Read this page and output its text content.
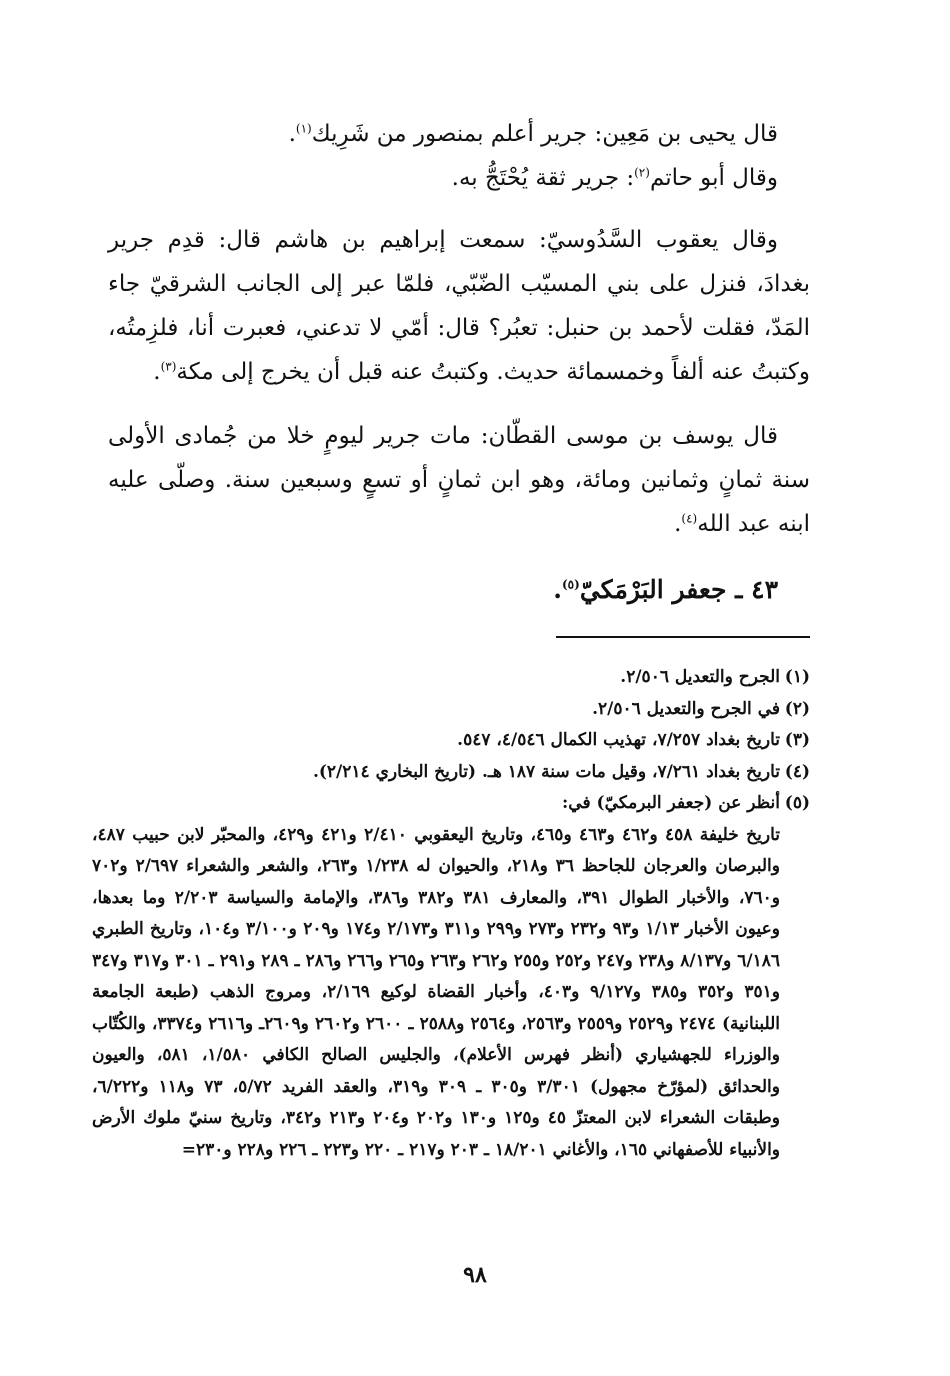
قال يحيى بن مَعِين: جرير أعلم بمنصور من شَرِيك$^{(١)}$.

وقال أبو حاتم$^{(٢)}$: جرير ثقة يُحْتَجُّ به.

وقال يعقوب السَّدُوسيّ: سمعت إبراهيم بن هاشم قال: قدِم جرير بغدادَ، فنزل على بني المسيّب الضّبّي، فلمّا عبر إلى الجانب الشرقيّ جاء المَدّ، فقلت لأحمد بن حنبل: تعبُر؟ قال: أمّي لا تدعني، فعبرت أنا، فلزِمتُه، وكتبتُ عنه ألفاً وخمسمائة حديث. وكتبتُ عنه قبل أن يخرج إلى مكة$^{(٣)}$.

قال يوسف بن موسى القطّان: مات جرير ليومٍ خلا من جُمادى الأولى سنة ثمانٍ وثمانين ومائة، وهو ابن ثمانٍ أو تسعٍ وسبعين سنة. وصلّى عليه ابنه عبد الله$^{(٤)}$.

٤٣ ـ جعفر البَرْمَكيّ$^{(٥)}$.

(١)
الجرح والتعديل ٢/٥٠٦.

(٢)
في الجرح والتعديل ٢/٥٠٦.

(٣)
تاريخ بغداد ٧/٢٥٧، تهذيب الكمال ٤/٥٤٦، ٥٤٧.

(٤)
تاريخ بغداد ٧/٢٦١، وقيل مات سنة ١٨٧ هـ. (تاريخ البخاري ٢/٢١٤).

(٥)
أنظر عن (جعفر البرمكيّ) في:

تاريخ خليفة ٤٥٨ و٤٦٢ و٤٦٣ و٤٦٥، وتاريخ اليعقوبي ٢/٤١٠ و٤٢١ و٤٢٩، والمحبّر لابن حبيب ٤٨٧، والبرصان والعرجان للجاحظ ٣٦ و٢١٨، والحيوان له ١/٢٣٨ و٢٦٣، والشعر والشعراء ٢/٦٩٧ و٧٠٢ و٧٦٠، والأخبار الطوال ٣٩١، والمعارف ٣٨١ و٣٨٢ و٣٨٦، والإمامة والسياسة ٢/٢٠٣ وما بعدها، وعيون الأخبار ١/١٣ و٩٣ و٢٣٢ و٢٧٣ و٢٩٩ و٣١١ و٢/١٧٣ و١٧٤ و٢٠٩ و٣/١٠٠ و١٠٤، وتاريخ الطبري ٦/١٨٦ و٨/١٣٧ و٢٣٨ و٢٤٧ و٢٥٢ و٢٥٥ و٢٦٢ و٢٦٣ و٢٦٥ و٢٦٦ و٢٨٦ ـ ٢٨٩ و٢٩١ ـ ٣٠١ و٣١٧ و٣٤٧ و٣٥١ و٣٥٢ و٣٨٥ و٩/١٢٧ و٤٠٣، وأخبار القضاة لوكيع ٢/١٦٩، ومروج الذهب (طبعة الجامعة اللبنانية) ٢٤٧٤ و٢٥٢٩ و٢٥٥٩ و٢٥٦٣، و٢٥٦٤ و٢٥٨٨ ـ ٢٦٠٠ و٢٦٠٢ و٢٦٠٩ـ و٢٦١٦ و٣٣٧٤، والكُتّاب والوزراء للجهشياري (أنظر فهرس الأعلام)، والجليس الصالح الكافي ١/٥٨٠، ٥٨١، والعيون والحدائق (لمؤرّخ مجهول) ٣/٣٠١ و٣٠٥ ـ ٣٠٩ و٣١٩، والعقد الفريد ٥/٧٢، ٧٣ و١١٨ و٦/٢٢٢، وطبقات الشعراء لابن المعتزّ ٤٥ و١٢٥ و١٣٠ و٢٠٢ و٢٠٤ و٢١٣ و٣٤٢، وتاريخ سنيّ ملوك الأرض والأنبياء للأصفهاني ١٦٥، والأغاني ١٨/٢٠١ ـ ٢٠٣ و٢١٧ ـ ٢٢٠ و٢٢٣ ـ ٢٢٦ و٢٢٨ و٢٣٠=

٩٨
